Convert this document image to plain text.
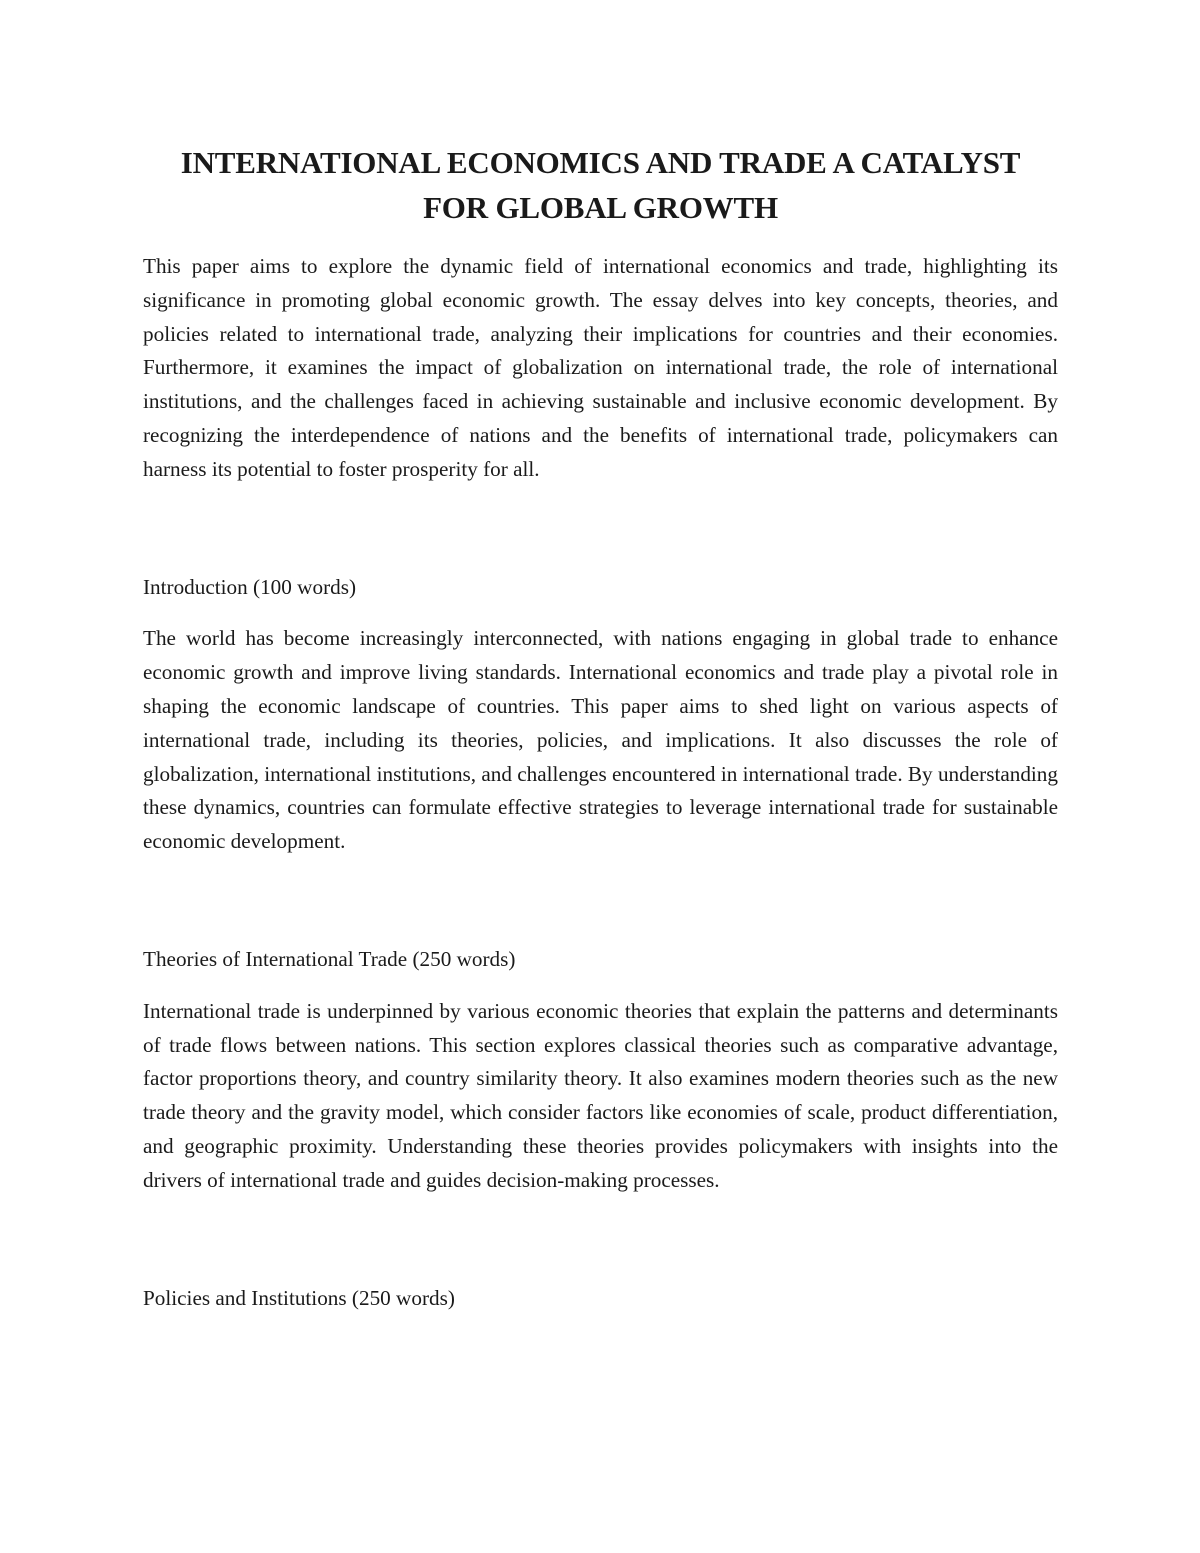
INTERNATIONAL ECONOMICS AND TRADE A CATALYST
FOR GLOBAL GROWTH

This paper aims to explore the dynamic field of international economics and trade, highlighting its significance in promoting global economic growth. The essay delves into key concepts, theories, and policies related to international trade, analyzing their implications for countries and their economies. Furthermore, it examines the impact of globalization on international trade, the role of international institutions, and the challenges faced in achieving sustainable and inclusive economic development. By recognizing the interdependence of nations and the benefits of international trade, policymakers can harness its potential to foster prosperity for all.

Introduction (100 words)

The world has become increasingly interconnected, with nations engaging in global trade to enhance economic growth and improve living standards. International economics and trade play a pivotal role in shaping the economic landscape of countries. This paper aims to shed light on various aspects of international trade, including its theories, policies, and implications. It also discusses the role of globalization, international institutions, and challenges encountered in international trade. By understanding these dynamics, countries can formulate effective strategies to leverage international trade for sustainable economic development.

Theories of International Trade (250 words)

International trade is underpinned by various economic theories that explain the patterns and determinants of trade flows between nations. This section explores classical theories such as comparative advantage, factor proportions theory, and country similarity theory. It also examines modern theories such as the new trade theory and the gravity model, which consider factors like economies of scale, product differentiation, and geographic proximity. Understanding these theories provides policymakers with insights into the drivers of international trade and guides decision-making processes.

Policies and Institutions (250 words)
